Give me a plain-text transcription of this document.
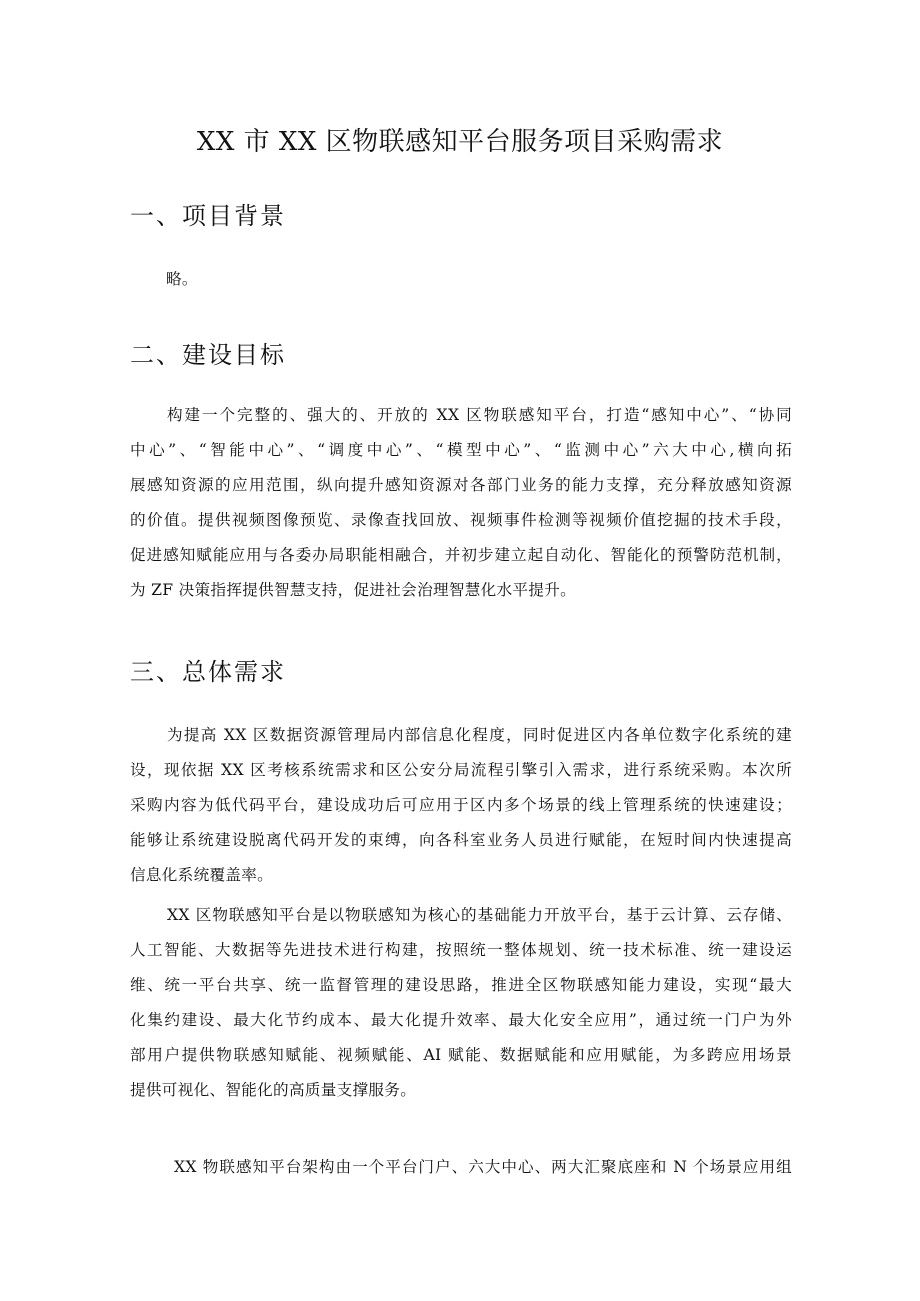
XX 市 XX 区物联感知平台服务项目采购需求
一、项目背景
略。
二、建设目标
构建一个完整的、强大的、开放的 XX 区物联感知平台，打造“感知中心”、“协同
中心”、“智能中心”、“调度中心”、“模型中心”、“监测中心”六大中心,横向拓
展感知资源的应用范围，纵向提升感知资源对各部门业务的能力支撑，充分释放感知资源
的价值。提供视频图像预览、录像查找回放、视频事件检测等视频价值挖掘的技术手段，
促进感知赋能应用与各委办局职能相融合，并初步建立起自动化、智能化的预警防范机制，
为 ZF 决策指挥提供智慧支持，促进社会治理智慧化水平提升。
三、总体需求
为提高 XX 区数据资源管理局内部信息化程度，同时促进区内各单位数字化系统的建
设，现依据 XX 区考核系统需求和区公安分局流程引擎引入需求，进行系统采购。本次所
采购内容为低代码平台，建设成功后可应用于区内多个场景的线上管理系统的快速建设；
能够让系统建设脱离代码开发的束缚，向各科室业务人员进行赋能，在短时间内快速提高
信息化系统覆盖率。
XX 区物联感知平台是以物联感知为核心的基础能力开放平台，基于云计算、云存储、
人工智能、大数据等先进技术进行构建，按照统一整体规划、统一技术标准、统一建设运
维、统一平台共享、统一监督管理的建设思路，推进全区物联感知能力建设，实现“最大
化集约建设、最大化节约成本、最大化提升效率、最大化安全应用”，通过统一门户为外
部用户提供物联感知赋能、视频赋能、AI 赋能、数据赋能和应用赋能，为多跨应用场景
提供可视化、智能化的高质量支撑服务。
XX 物联感知平台架构由一个平台门户、六大中心、两大汇聚底座和 N 个场景应用组
